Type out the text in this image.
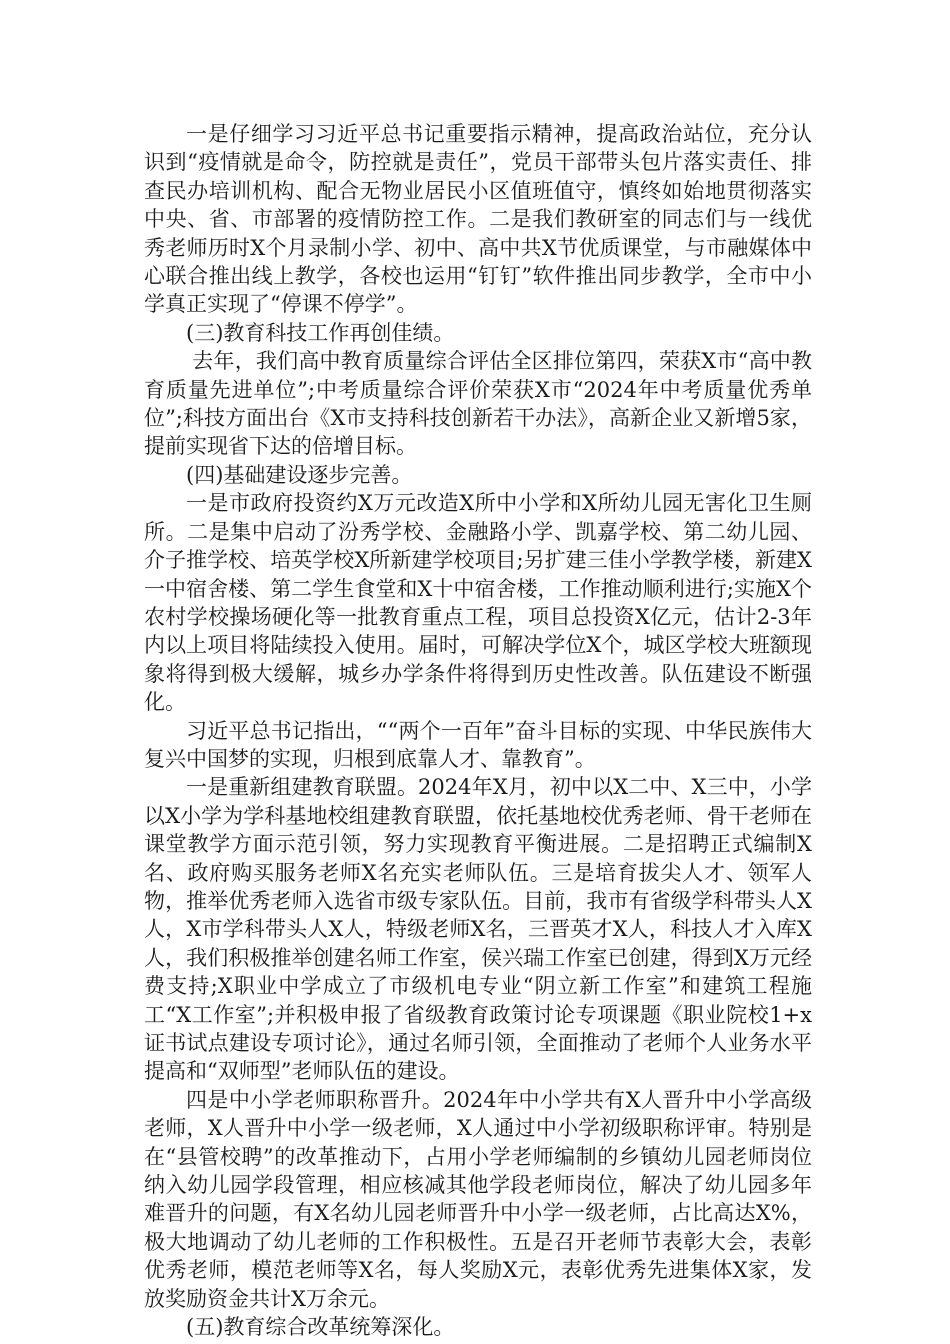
一是仔细学习习近平总书记重要指示精神，提高政治站位，充分认识到“疫情就是命令，防控就是责任”，党员干部带头包片落实责任、排查民办培训机构、配合无物业居民小区值班值守，慎终如始地贯彻落实中央、省、市部署的疫情防控工作。二是我们教研室的同志们与一线优秀老师历时X个月录制小学、初中、高中共X节优质课堂，与市融媒体中心联合推出线上教学，各校也运用“钉钉”软件推出同步教学，全市中小学真正实现了“停课不停学”。

(三)教育科技工作再创佳绩。

去年，我们高中教育质量综合评估全区排位第四，荣获X市“高中教育质量先进单位”;中考质量综合评价荣获X市“2024年中考质量优秀单位”;科技方面出台《X市支持科技创新若干办法》，高新企业又新增5家，提前实现省下达的倍增目标。

(四)基础建设逐步完善。

一是市政府投资约X万元改造X所中小学和X所幼儿园无害化卫生厕所。二是集中启动了汾秀学校、金融路小学、凯嘉学校、第二幼儿园、介子推学校、培英学校X所新建学校项目;另扩建三佳小学教学楼，新建X一中宿舍楼、第二学生食堂和X十中宿舍楼，工作推动顺利进行;实施X个农村学校操场硬化等一批教育重点工程，项目总投资X亿元，估计2-3年内以上项目将陆续投入使用。届时，可解决学位X个，城区学校大班额现象将得到极大缓解，城乡办学条件将得到历史性改善。队伍建设不断强化。

习近平总书记指出，““两个一百年”奋斗目标的实现、中华民族伟大复兴中国梦的实现，归根到底靠人才、靠教育”。

一是重新组建教育联盟。2024年X月，初中以X二中、X三中，小学以X小学为学科基地校组建教育联盟，依托基地校优秀老师、骨干老师在课堂教学方面示范引领，努力实现教育平衡进展。二是招聘正式编制X名、政府购买服务老师X名充实老师队伍。三是培育拔尖人才、领军人物，推举优秀老师入选省市级专家队伍。目前，我市有省级学科带头人X人，X市学科带头人X人，特级老师X名，三晋英才X人，科技人才入库X人，我们积极推举创建名师工作室，侯兴瑞工作室已创建，得到X万元经费支持;X职业中学成立了市级机电专业“阴立新工作室”和建筑工程施工“X工作室”;并积极申报了省级教育政策讨论专项课题《职业院校1+x证书试点建设专项讨论》，通过名师引领，全面推动了老师个人业务水平提高和“双师型”老师队伍的建设。

四是中小学老师职称晋升。2024年中小学共有X人晋升中小学高级老师，X人晋升中小学一级老师，X人通过中小学初级职称评审。特别是在“县管校聘”的改革推动下，占用小学老师编制的乡镇幼儿园老师岗位纳入幼儿园学段管理，相应核减其他学段老师岗位，解决了幼儿园多年难晋升的问题，有X名幼儿园老师晋升中小学一级老师，占比高达X%，极大地调动了幼儿老师的工作积极性。五是召开老师节表彰大会，表彰优秀老师，模范老师等X名，每人奖励X元，表彰优秀先进集体X家，发放奖励资金共计X万余元。

(五)教育综合改革统筹深化。
